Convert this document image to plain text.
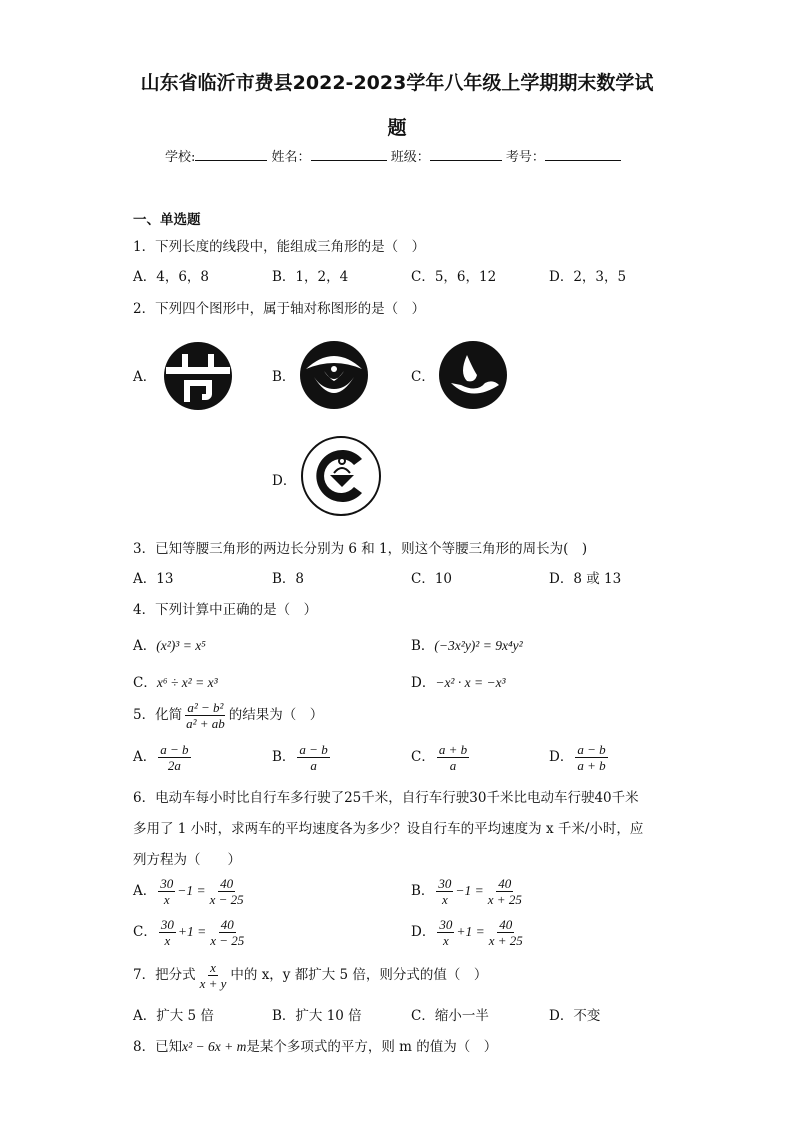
山东省临沂市费县2022-2023学年八年级上学期期末数学试
题
学校:	姓名：	班级：	考号：
一、单选题
1．下列长度的线段中，能组成三角形的是（　）
A．4，6，8	B．1，2，4	C．5，6，12	D．2，3，5
2．下列四个图形中，属于轴对称图形的是（　）
A．	B．	C．
D．
3．已知等腰三角形的两边长分别为 6 和 1，则这个等腰三角形的周长为(　)
A．13	B．8	C．10	D．8 或 13
4．下列计算中正确的是（　）
A．(x²)³ = x⁵	B．(−3x²y)² = 9x⁴y²
C．x⁶ ÷ x² = x³	D．−x² · x = −x³
5．化简 $\frac{\text{a² − b²}}{\text{a² + ab}}$ 的结果为（　）
A． $\frac{a - b}{2a}$	B． $\frac{a - b}{a}$	C． $\frac{a + b}{a}$	D． $\frac{a - b}{a + b}$
6．电动车每小时比自行车多行驶了25千米，自行车行驶30千米比电动车行驶40千米
多用了 1 小时，求两车的平均速度各为多少？设自行车的平均速度为 x 千米/小时，应
列方程为（　　）
A． $\frac{30}{x} -1 = \frac{40}{x - 25}$	B． $\frac{30}{x} -1 = \frac{40}{x + 25}$
C． $\frac{30}{x} +1 = \frac{40}{x - 25}$	D． $\frac{30}{x} +1 = \frac{40}{x + 25}$
7．把分式 $\frac{x}{x + y}$ 中的 x，y 都扩大 5 倍，则分式的值（　）
A．扩大 5 倍	B．扩大 10 倍	C．缩小一半	D．不变
8．已知x² − 6x + m是某个多项式的平方，则 m 的值为（　）
